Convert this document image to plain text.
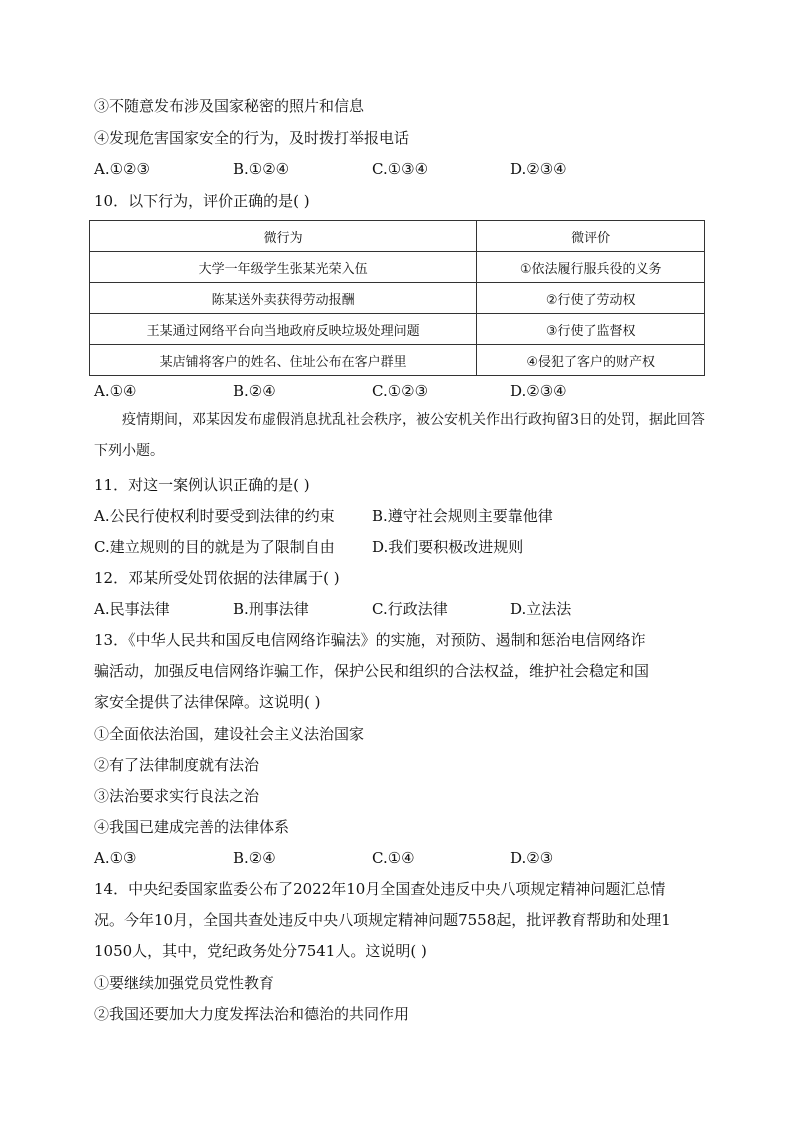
③不随意发布涉及国家秘密的照片和信息
④发现危害国家安全的行为，及时拨打举报电话
A.①②③	B.①②④	C.①③④	D.②③④
10．以下行为，评价正确的是( )
微行为	微评价
大学一年级学生张某光荣入伍	①依法履行服兵役的义务
陈某送外卖获得劳动报酬	②行使了劳动权
王某通过网络平台向当地政府反映垃圾处理问题	③行使了监督权
某店铺将客户的姓名、住址公布在客户群里	④侵犯了客户的财产权
A.①④	B.②④	C.①②③	D.②③④
疫情期间，邓某因发布虚假消息扰乱社会秩序，被公安机关作出行政拘留3日的处罚，据此回答下列小题。
11．对这一案例认识正确的是( )
A.公民行使权利时要受到法律的约束 B.遵守社会规则主要靠他律
C.建立规则的目的就是为了限制自由 D.我们要积极改进规则
12．邓某所受处罚依据的法律属于( )
A.民事法律	B.刑事法律	C.行政法律	D.立法法
13．《中华人民共和国反电信网络诈骗法》的实施，对预防、遏制和惩治电信网络诈
骗活动，加强反电信网络诈骗工作，保护公民和组织的合法权益，维护社会稳定和国
家安全提供了法律保障。这说明( )
①全面依法治国，建设社会主义法治国家
②有了法律制度就有法治
③法治要求实行良法之治
④我国已建成完善的法律体系
A.①③	B.②④	C.①④	D.②③
14．中央纪委国家监委公布了2022年10月全国查处违反中央八项规定精神问题汇总情
况。今年10月，全国共查处违反中央八项规定精神问题7558起，批评教育帮助和处理1
1050人，其中，党纪政务处分7541人。这说明( )
①要继续加强党员党性教育
②我国还要加大力度发挥法治和德治的共同作用
